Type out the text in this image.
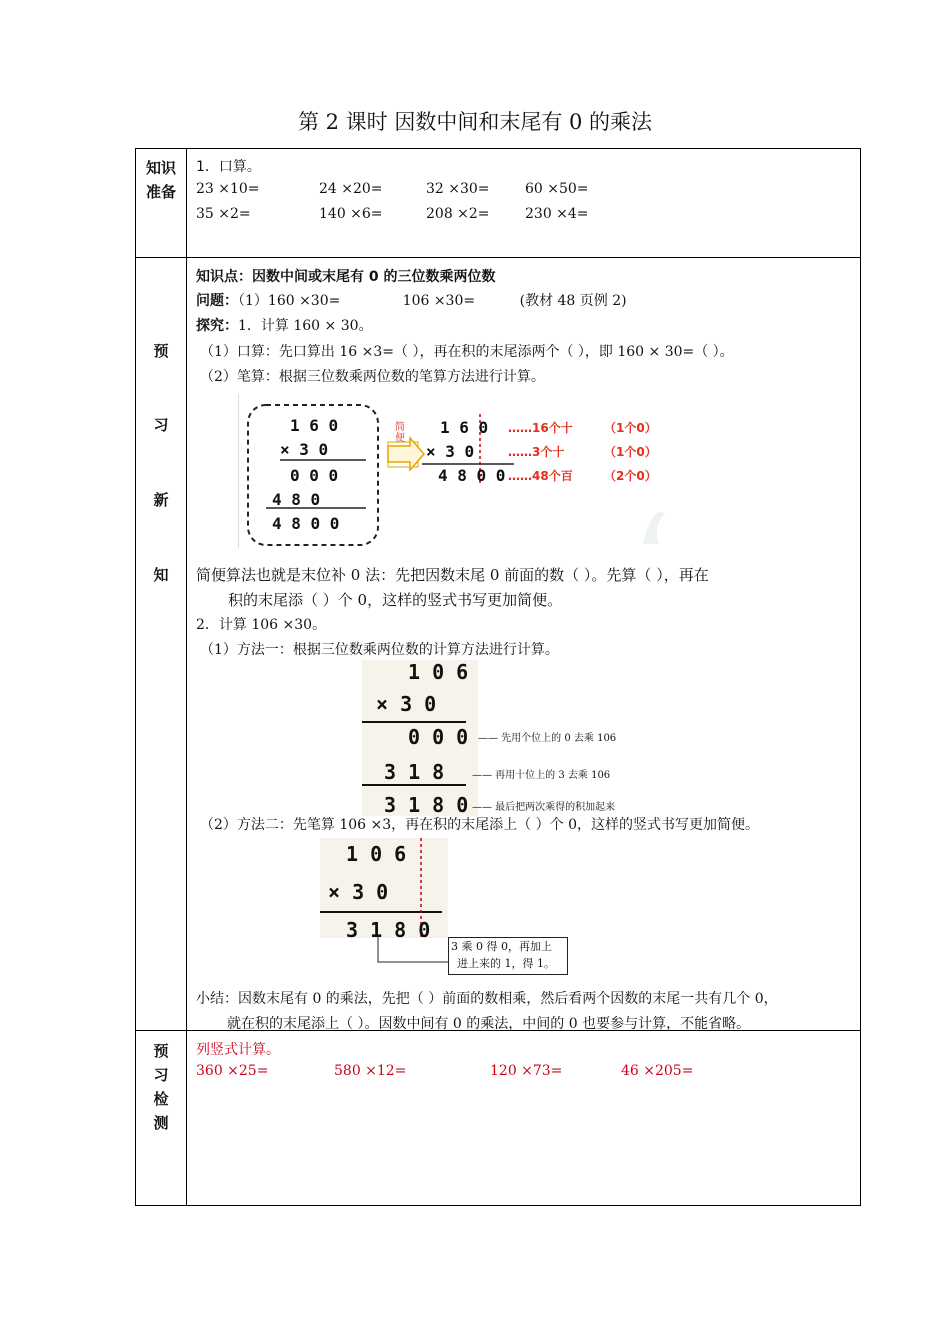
第 2 课时 因数中间和末尾有 0 的乘法
知识
准备
1．口算。
23 ×10=	24 ×20=	32 ×30=	60 ×50=
35 ×2=	140 ×6=	208 ×2=	230 ×4=
预
习
新
知
知识点：因数中间或末尾有 0 的三位数乘两位数
问题：（1）160 ×30=              106 ×30=          (教材 48 页例 2)
探究：1．计算 160 × 30。
（1）口算：先口算出 16 ×3=（ ），再在积的末尾添两个（ ），即 160 × 30=（ ）。
（2）笔算：根据三位数乘两位数的笔算方法进行计算。
1 6 0
× 3 0
0 0 0
4 8 0
4 8 0 0
简便
1 6 0
× 3 0
4 8 0 0
……16个十
……3个十
……48个百
（1个0）
（1个0）
（2个0）
简便算法也就是末位补 0 法：先把因数末尾 0 前面的数（ ）。先算（ ），再在
积的末尾添（ ）个 0，这样的竖式书写更加简便。
2．计算 106 ×30。
（1）方法一：根据三位数乘两位数的计算方法进行计算。
1 0 6
× 3 0
0 0 0
3 1 8
3 1 8 0
—— 先用个位上的 0 去乘 106
—— 再用十位上的 3 去乘 106
—— 最后把两次乘得的积加起来
（2）方法二：先笔算 106 ×3，再在积的末尾添上（ ）个 0，这样的竖式书写更加简便。
1 0 6
× 3 0
3 1 8 0
3 乘 0 得 0，再加上
进上来的 1，得 1。
小结：因数末尾有 0 的乘法，先把（ ）前面的数相乘，然后看两个因数的末尾一共有几个 0，
就在积的末尾添上（ ）。因数中间有 0 的乘法，中间的 0 也要参与计算，不能省略。
预
习
检
测
列竖式计算。
360 ×25=	580 ×12=	120 ×73=	46 ×205=
